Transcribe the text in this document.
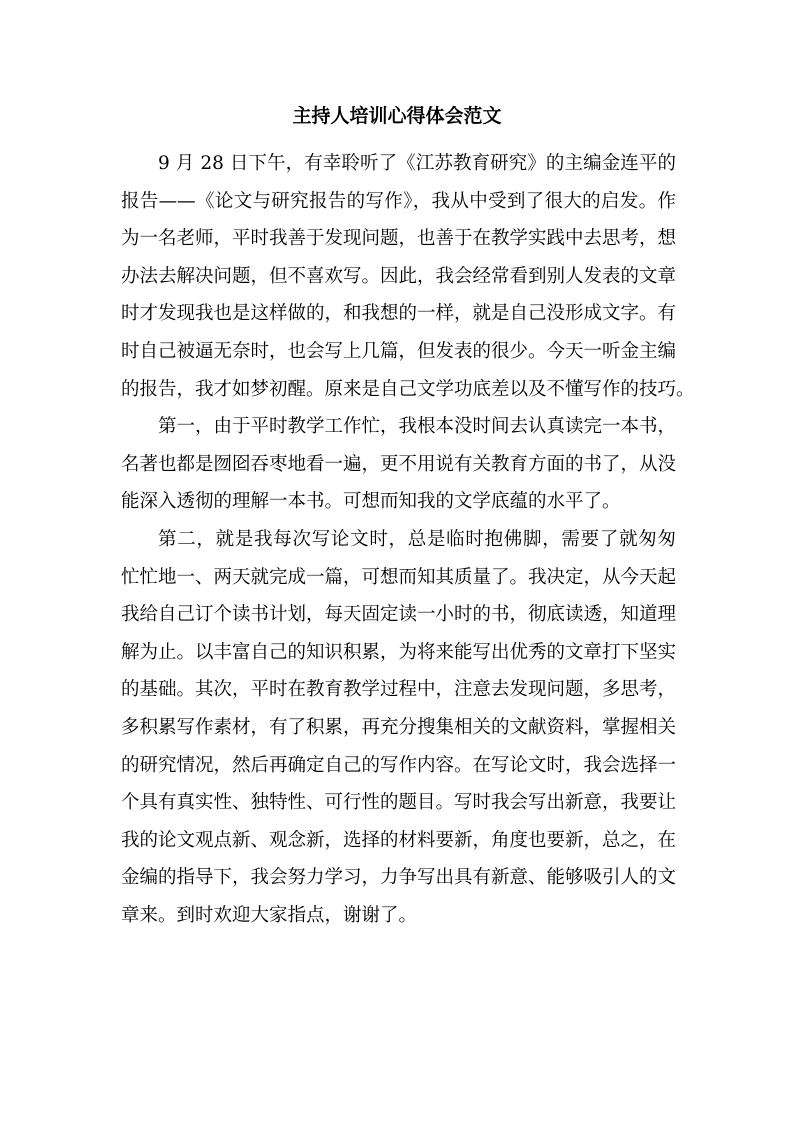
主持人培训心得体会范文

9 月 28 日下午，有幸聆听了《江苏教育研究》的主编金连平的
报告——《论文与研究报告的写作》，我从中受到了很大的启发。作
为一名老师，平时我善于发现问题，也善于在教学实践中去思考，想
办法去解决问题，但不喜欢写。因此，我会经常看到别人发表的文章
时才发现我也是这样做的，和我想的一样，就是自己没形成文字。有
时自己被逼无奈时，也会写上几篇，但发表的很少。今天一听金主编
的报告，我才如梦初醒。原来是自己文学功底差以及不懂写作的技巧。

第一，由于平时教学工作忙，我根本没时间去认真读完一本书，
名著也都是囫囵吞枣地看一遍，更不用说有关教育方面的书了，从没
能深入透彻的理解一本书。可想而知我的文学底蕴的水平了。

第二，就是我每次写论文时，总是临时抱佛脚，需要了就匆匆
忙忙地一、两天就完成一篇，可想而知其质量了。我决定，从今天起
我给自己订个读书计划，每天固定读一小时的书，彻底读透，知道理
解为止。以丰富自己的知识积累，为将来能写出优秀的文章打下坚实
的基础。其次，平时在教育教学过程中，注意去发现问题，多思考，
多积累写作素材，有了积累，再充分搜集相关的文献资料，掌握相关
的研究情况，然后再确定自己的写作内容。在写论文时，我会选择一
个具有真实性、独特性、可行性的题目。写时我会写出新意，我要让
我的论文观点新、观念新，选择的材料要新，角度也要新，总之，在
金编的指导下，我会努力学习，力争写出具有新意、能够吸引人的文
章来。到时欢迎大家指点，谢谢了。
